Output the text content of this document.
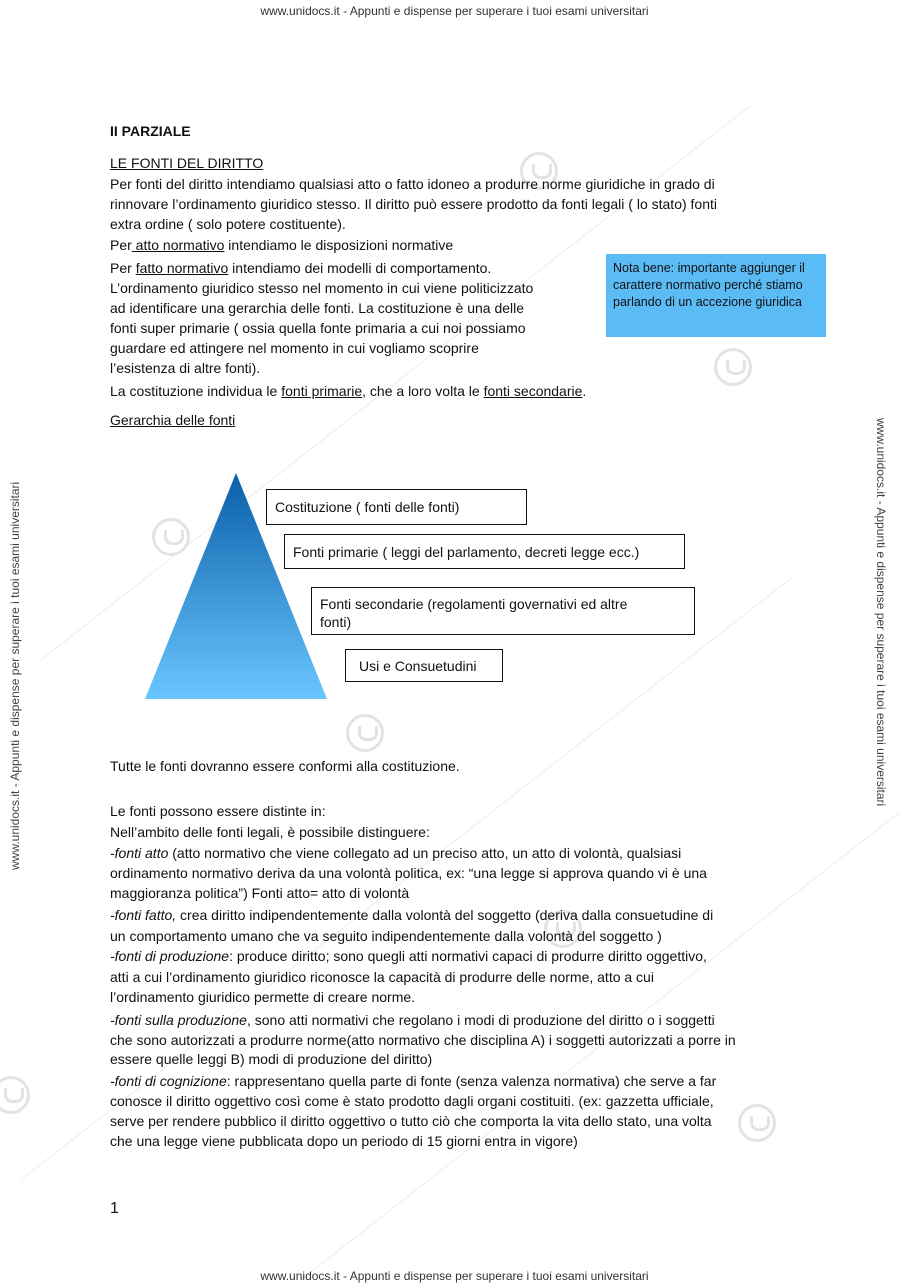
www.unidocs.it - Appunti e dispense per superare i tuoi esami universitari
www.unidocs.it - Appunti e dispense per superare i tuoi esami universitari
www.unidocs.it - Appunti e dispense per superare i tuoi esami universitari	www.unidocs.it - Appunti e dispense per superare i tuoi esami universitari
II PARZIALE
LE FONTI DEL DIRITTO
Per fonti del diritto intendiamo qualsiasi atto o fatto idoneo a produrre norme giuridiche in grado di
rinnovare l’ordinamento giuridico stesso. Il diritto può essere prodotto da fonti legali ( lo stato) fonti
extra ordine ( solo potere costituente).
Per atto normativo intendiamo le disposizioni normative
Per fatto normativo intendiamo dei modelli di comportamento.
L’ordinamento giuridico stesso nel momento in cui viene politicizzato
ad identificare una gerarchia delle fonti. La costituzione è una delle
fonti super primarie ( ossia quella fonte primaria a cui noi possiamo
guardare ed attingere nel momento in cui vogliamo scoprire
l’esistenza di altre fonti).
La costituzione individua le fonti primarie, che a loro volta le fonti secondarie.
Nota bene: importante aggiunger il carattere normativo perché stiamo parlando di un accezione giuridica
Gerarchia delle fonti
Costituzione ( fonti delle fonti)
Fonti primarie ( leggi del parlamento, decreti legge ecc.)
Fonti secondarie (regolamenti governativi ed altre
fonti)
Usi e Consuetudini
Tutte le fonti dovranno essere conformi alla costituzione.
Le fonti possono essere distinte in:
Nell’ambito delle fonti legali, è possibile distinguere:
-fonti atto (atto normativo che viene collegato ad un preciso atto, un atto di volontà, qualsiasi
ordinamento normativo deriva da una volontà politica, ex: “una legge si approva quando vi è una
maggioranza politica”) Fonti atto= atto di volontà
-fonti fatto, crea diritto indipendentemente dalla volontà del soggetto (deriva dalla consuetudine di
un comportamento umano che va seguito indipendentemente dalla volontà del soggetto )
-fonti di produzione: produce diritto; sono quegli atti normativi capaci di produrre diritto oggettivo,
atti a cui l’ordinamento giuridico riconosce la capacità di produrre delle norme, atto a cui
l’ordinamento giuridico permette di creare norme.
-fonti sulla produzione, sono atti normativi che regolano i modi di produzione del diritto o i soggetti
che sono autorizzati a produrre norme(atto normativo che disciplina A) i soggetti autorizzati a porre in
essere quelle leggi B) modi di produzione del diritto)
-fonti di cognizione: rappresentano quella parte di fonte (senza valenza normativa) che serve a far
conosce il diritto oggettivo così come è stato prodotto dagli organi costituiti. (ex: gazzetta ufficiale,
serve per rendere pubblico il diritto oggettivo o tutto ciò che comporta la vita dello stato, una volta
che una legge viene pubblicata dopo un periodo di 15 giorni entra in vigore)
1
